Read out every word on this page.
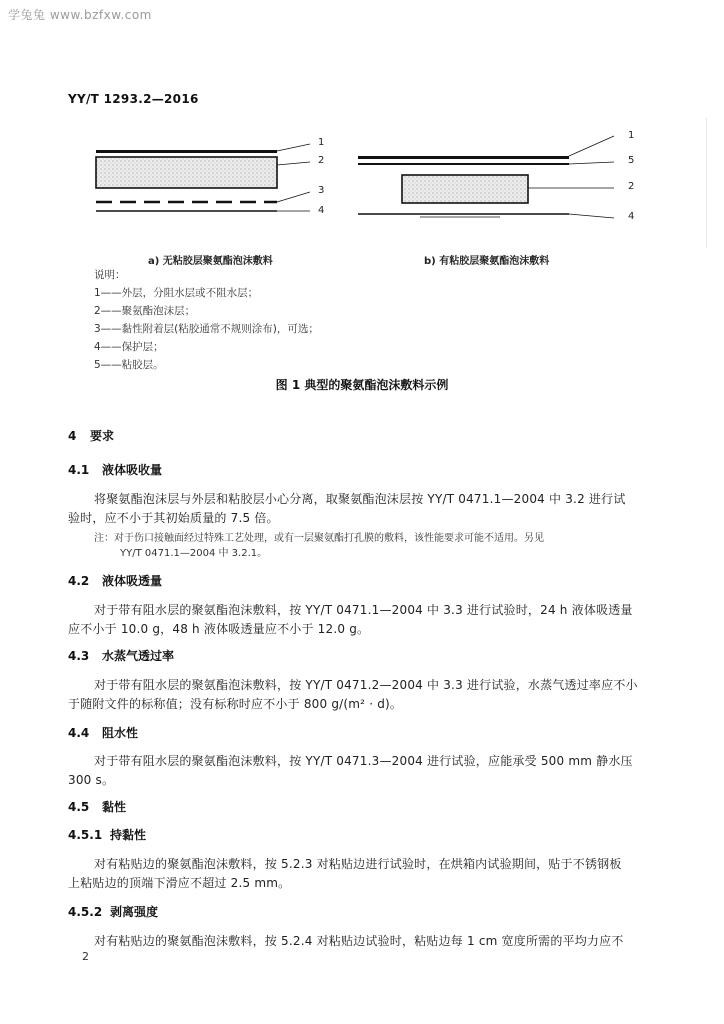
学兔兔 www.bzfxw.com
YY/T 1293.2—2016
1
2
3
4
1
5
2
4
a) 无粘胶层聚氨酯泡沫敷料	b) 有粘胶层聚氨酯泡沫敷料
说明：
1——外层，分阻水层或不阻水层；
2——聚氨酯泡沫层；
3——黏性附着层(粘胶通常不规则涂布)，可选；
4——保护层；
5——粘胶层。
图 1 典型的聚氨酯泡沫敷料示例
4 要求
4.1 液体吸收量
将聚氨酯泡沫层与外层和粘胶层小心分离，取聚氨酯泡沫层按 YY/T 0471.1—2004 中 3.2 进行试
验时，应不小于其初始质量的 7.5 倍。
注：对于伤口接触面经过特殊工艺处理，或有一层聚氨酯打孔膜的敷料，该性能要求可能不适用。另见
YY/T 0471.1—2004 中 3.2.1。
4.2 液体吸透量
对于带有阻水层的聚氨酯泡沫敷料，按 YY/T 0471.1—2004 中 3.3 进行试验时，24 h 液体吸透量
应不小于 10.0 g，48 h 液体吸透量应不小于 12.0 g。
4.3 水蒸气透过率
对于带有阻水层的聚氨酯泡沫敷料，按 YY/T 0471.2—2004 中 3.3 进行试验，水蒸气透过率应不小
于随附文件的标称值；没有标称时应不小于 800 g/(m² · d)。
4.4 阻水性
对于带有阻水层的聚氨酯泡沫敷料，按 YY/T 0471.3—2004 进行试验，应能承受 500 mm 静水压
300 s。
4.5 黏性
4.5.1 持黏性
对有粘贴边的聚氨酯泡沫敷料，按 5.2.3 对粘贴边进行试验时，在烘箱内试验期间，贴于不锈钢板
上粘贴边的顶端下滑应不超过 2.5 mm。
4.5.2 剥离强度
对有粘贴边的聚氨酯泡沫敷料，按 5.2.4 对粘贴边试验时，粘贴边每 1 cm 宽度所需的平均力应不
2
